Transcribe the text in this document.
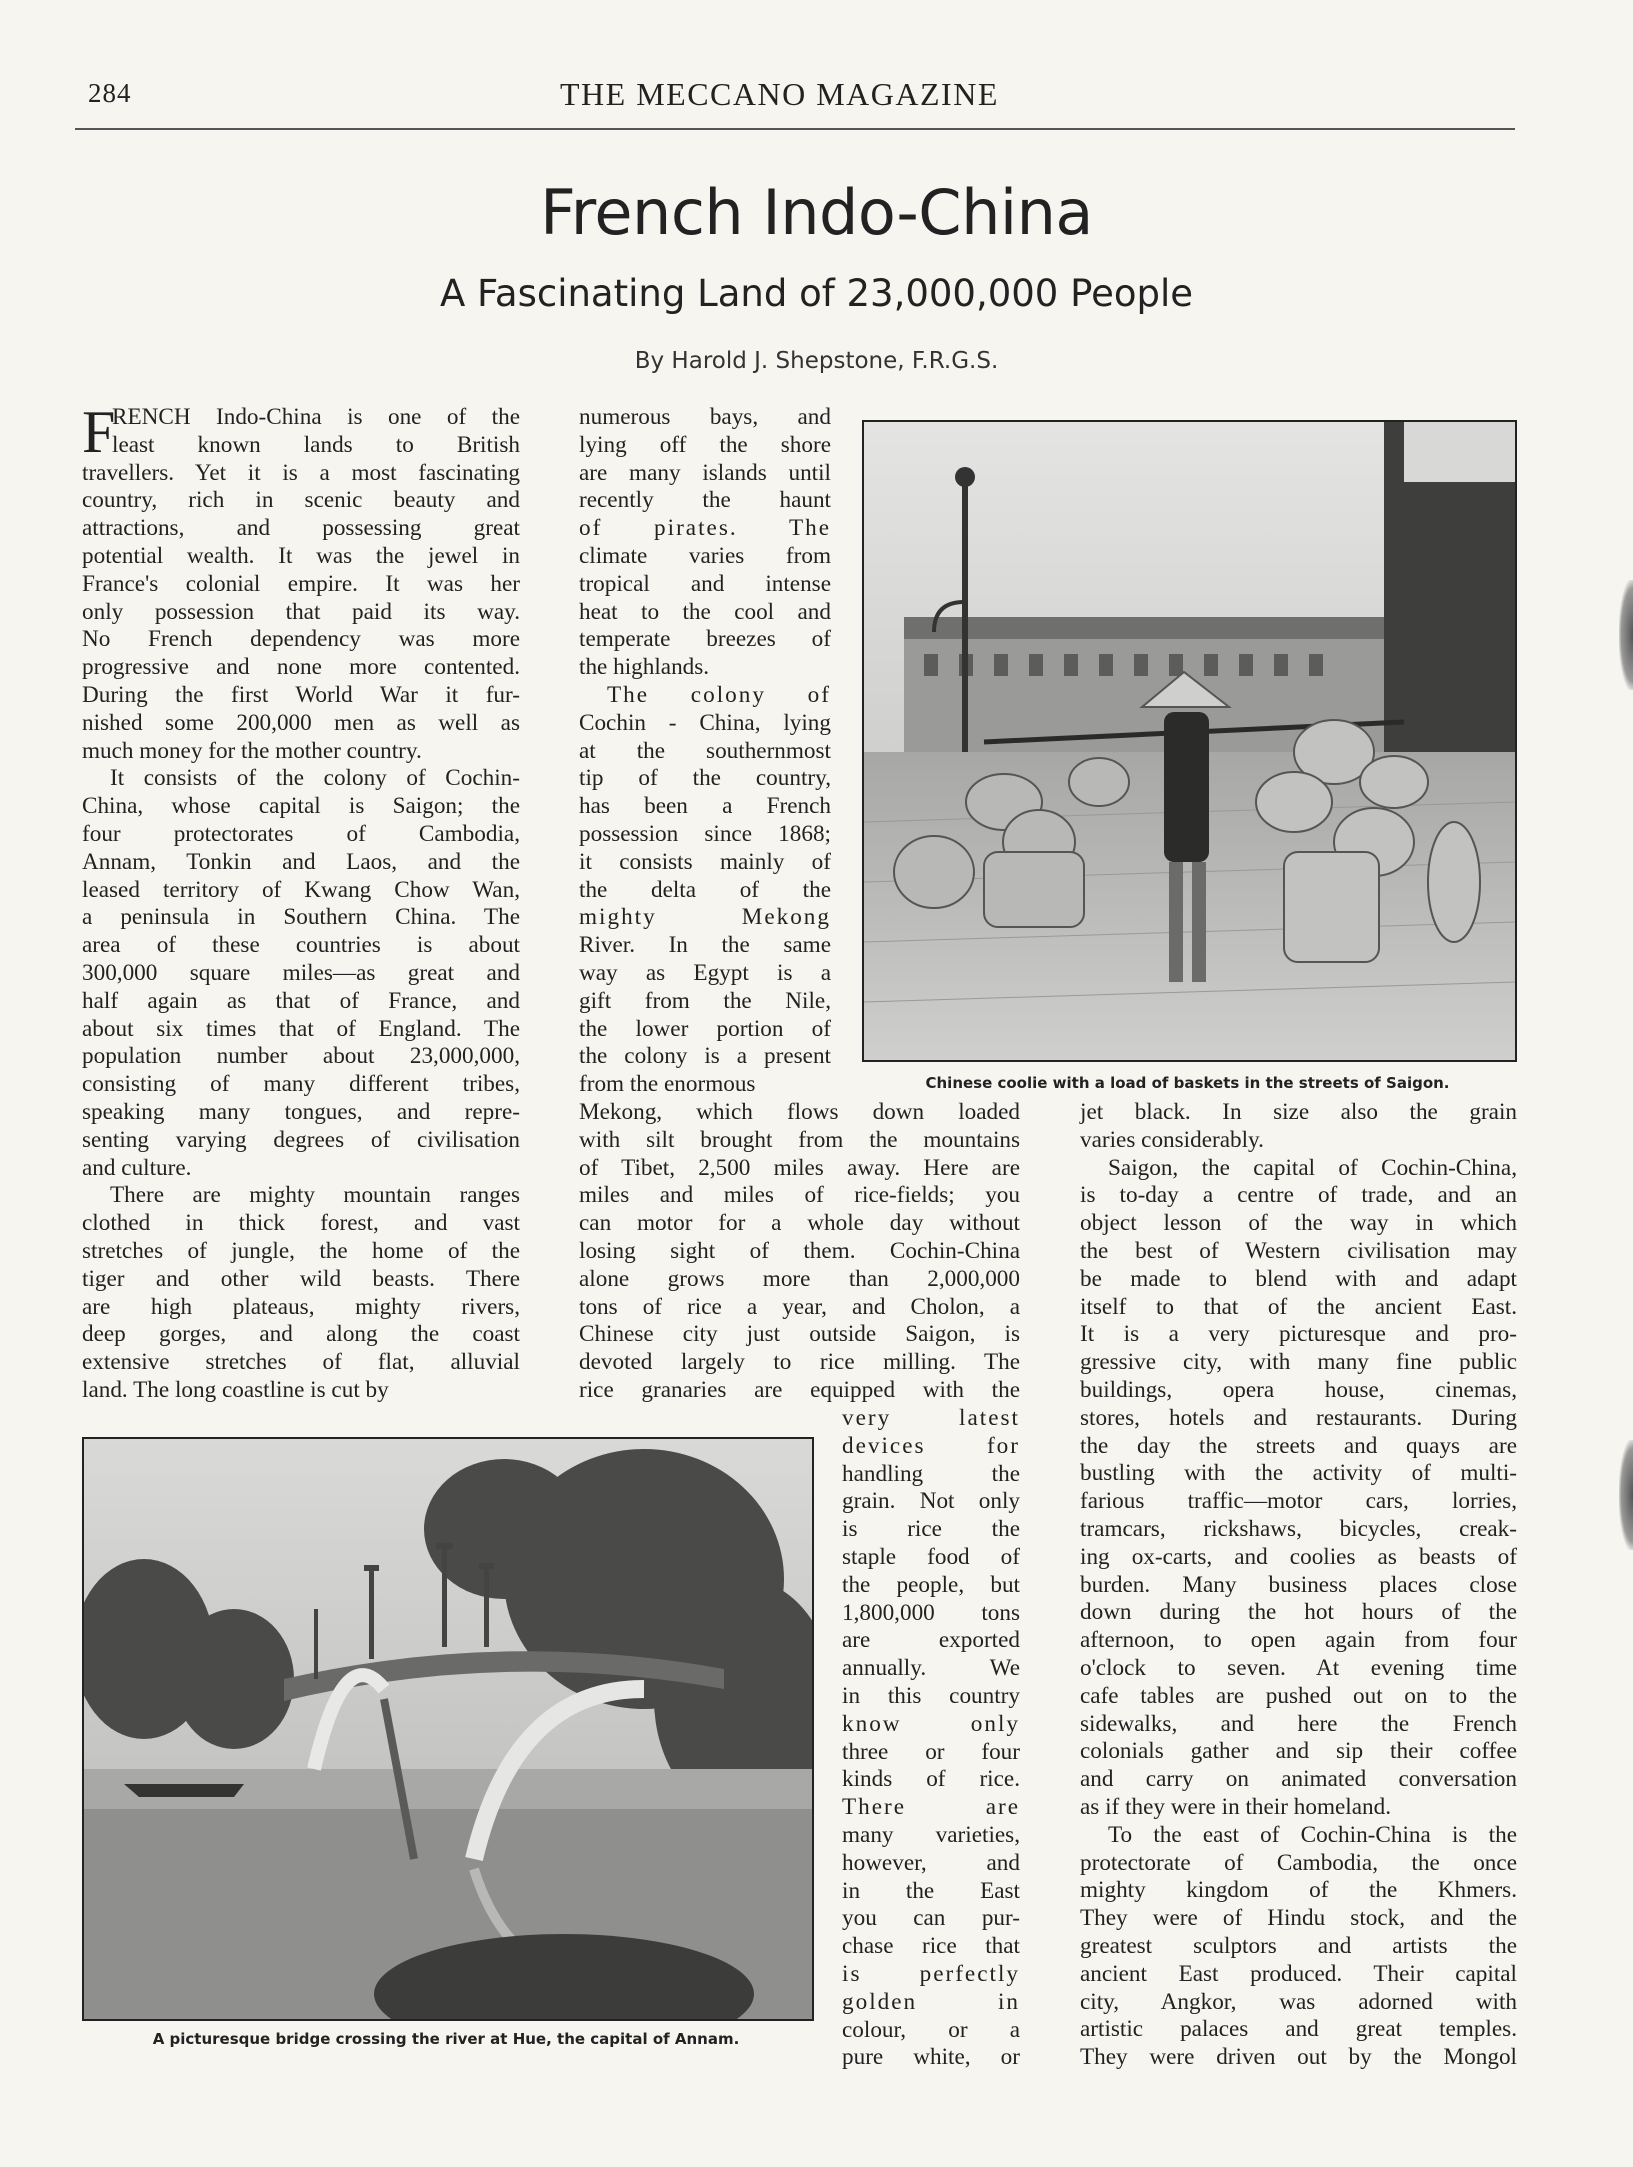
284	THE MECCANO MAGAZINE
French Indo-China
A Fascinating Land of 23,000,000 People
By Harold J. Shepstone, F.R.G.S.
RENCH Indo-China is one of the
least known lands to British
travellers. Yet it is a most fascinating
country, rich in scenic beauty and
attractions, and possessing great
potential wealth. It was the jewel in
France's colonial empire. It was her
only possession that paid its way.
No French dependency was more
progressive and none more contented.
During the first World War it fur-
nished some 200,000 men as well as
much money for the mother country.
It consists of the colony of Cochin-
China, whose capital is Saigon; the
four protectorates of Cambodia,
Annam, Tonkin and Laos, and the
leased territory of Kwang Chow Wan,
a peninsula in Southern China. The
area of these countries is about
300,000 square miles—as great and
half again as that of France, and
about six times that of England. The
population number about 23,000,000,
consisting of many different tribes,
speaking many tongues, and repre-
senting varying degrees of civilisation
and culture.
There are mighty mountain ranges
clothed in thick forest, and vast
stretches of jungle, the home of the
tiger and other wild beasts. There
are high plateaus, mighty rivers,
deep gorges, and along the coast
extensive stretches of flat, alluvial
land. The long coastline is cut by
F	numerous bays, and
lying off the shore
are many islands until
recently the haunt
of pirates. The
climate varies from
tropical and intense
heat to the cool and
temperate breezes of
the highlands.
The colony of
Cochin - China, lying
at the southernmost
tip of the country,
has been a French
possession since 1868;
it consists mainly of
the delta of the
mighty Mekong
River. In the same
way as Egypt is a
gift from the Nile,
the lower portion of
the colony is a present
from the enormous
Mekong, which flows down loaded
with silt brought from the mountains
of Tibet, 2,500 miles away. Here are
miles and miles of rice-fields; you
can motor for a whole day without
losing sight of them. Cochin-China
alone grows more than 2,000,000
tons of rice a year, and Cholon, a
Chinese city just outside Saigon, is
devoted largely to rice milling. The
rice granaries are equipped with the
very latest
devices for
handling the
grain. Not only
is rice the
staple food of
the people, but
1,800,000 tons
are exported
annually. We
in this country
know only
three or four
kinds of rice.
There are
many varieties,
however, and
in the East
you can pur-
chase rice that
is perfectly
golden in
colour, or a
pure white, or
jet black. In size also the grain
varies considerably.
Saigon, the capital of Cochin-China,
is to-day a centre of trade, and an
object lesson of the way in which
the best of Western civilisation may
be made to blend with and adapt
itself to that of the ancient East.
It is a very picturesque and pro-
gressive city, with many fine public
buildings, opera house, cinemas,
stores, hotels and restaurants. During
the day the streets and quays are
bustling with the activity of multi-
farious traffic—motor cars, lorries,
tramcars, rickshaws, bicycles, creak-
ing ox-carts, and coolies as beasts of
burden. Many business places close
down during the hot hours of the
afternoon, to open again from four
o'clock to seven. At evening time
cafe tables are pushed out on to the
sidewalks, and here the French
colonials gather and sip their coffee
and carry on animated conversation
as if they were in their homeland.
To the east of Cochin-China is the
protectorate of Cambodia, the once
mighty kingdom of the Khmers.
They were of Hindu stock, and the
greatest sculptors and artists the
ancient East produced. Their capital
city, Angkor, was adorned with
artistic palaces and great temples.
They were driven out by the Mongol
Chinese coolie with a load of baskets in the streets of Saigon.
A picturesque bridge crossing the river at Hue, the capital of Annam.
